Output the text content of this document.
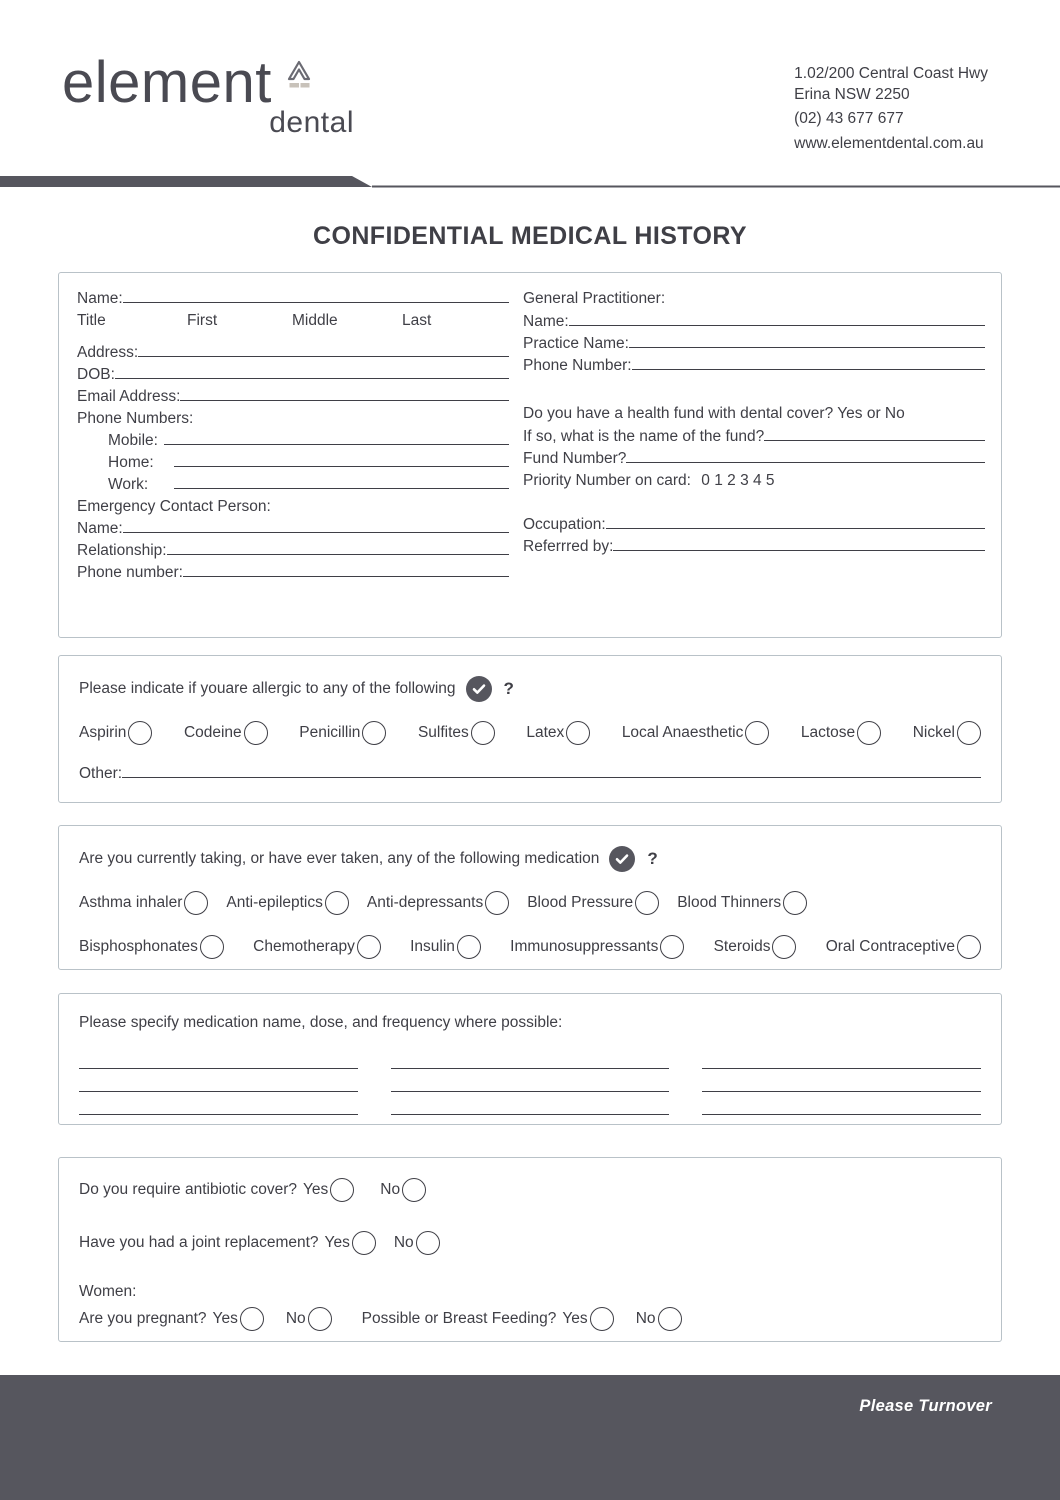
element
dental
1.02/200 Central Coast Hwy
Erina NSW 2250
(02) 43 677 677
www.elementdental.com.au
CONFIDENTIAL MEDICAL HISTORY
Name:
Title	First	Middle	Last
Address:
DOB:
Email Address:
Phone Numbers:
Mobile:
Home:
Work:
Emergency Contact Person:
Name:
Relationship:
Phone number:
General Practitioner:
Name:
Practice Name:
Phone Number:
Do you have a health fund with dental cover? Yes or No
If so, what is the name of the fund?
Fund Number?
Priority Number on card: 0 1 2 3 4 5
Occupation:
Referrred by:
Please indicate if youare allergic to any of the following	?
Aspirin	Codeine	Penicillin	Sulfites	Latex	Local Anaesthetic	Lactose	Nickel
Other:
Are you currently taking, or have ever taken, any of the following medication	?
Asthma inhaler	Anti-epileptics	Anti-depressants	Blood Pressure	Blood Thinners
Bisphosphonates	Chemotherapy	Insulin	Immunosuppressants	Steroids	Oral Contraceptive
Please specify medication name, dose, and frequency where possible:
Do you require antibiotic cover? Yes	No
Have you had a joint replacement? Yes	No
Women:
Are you pregnant? Yes	No	Possible or Breast Feeding? Yes	No
Please Turnover
